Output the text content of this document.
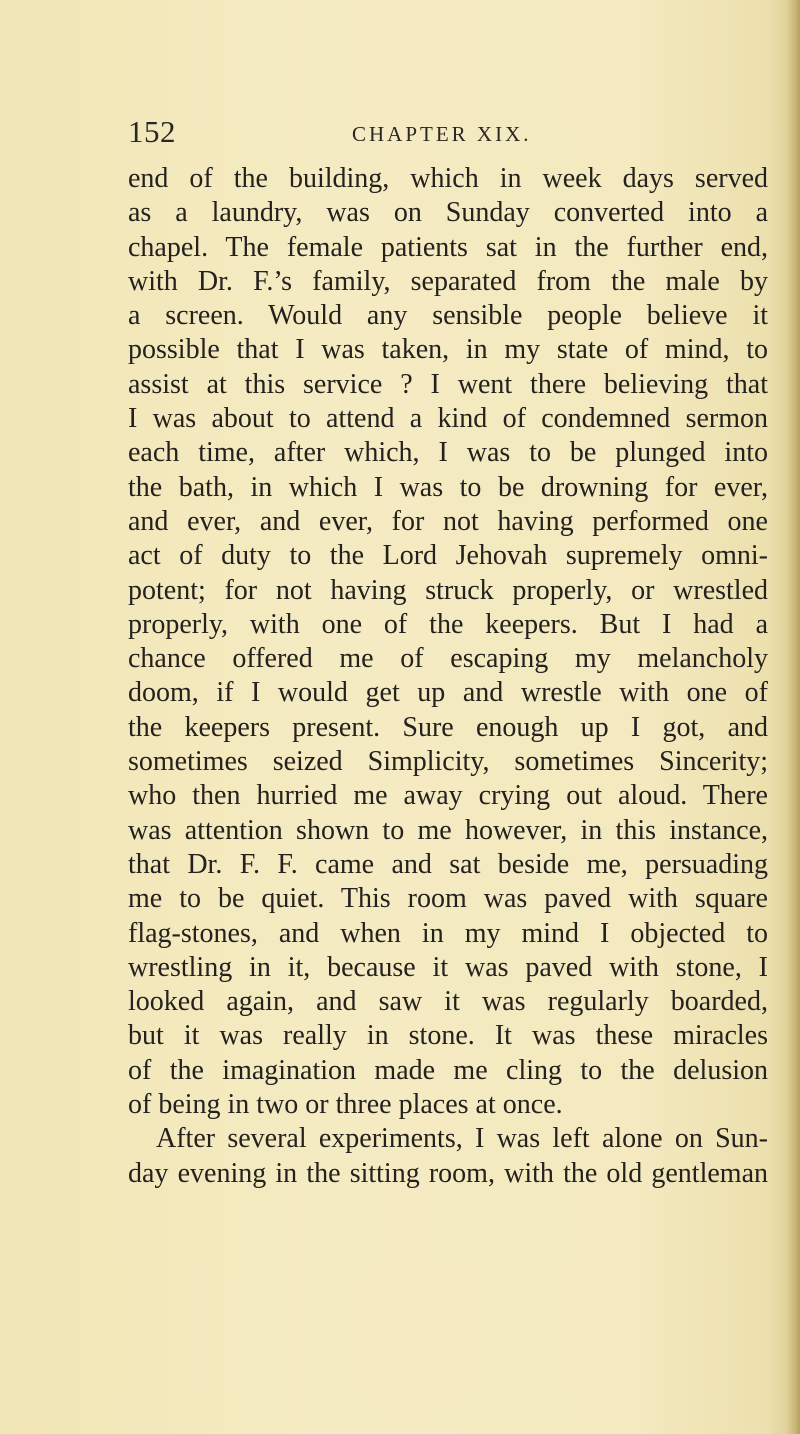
152	CHAPTER XIX.
end of the building, which in week days served
as a laundry, was on Sunday converted into a
chapel. The female patients sat in the further end,
with Dr. F.’s family, separated from the male by
a screen. Would any sensible people believe it
possible that I was taken, in my state of mind, to
assist at this service ? I went there believing that
I was about to attend a kind of condemned sermon
each time, after which, I was to be plunged into
the bath, in which I was to be drowning for ever,
and ever, and ever, for not having performed one
act of duty to the Lord Jehovah supremely omni-
potent; for not having struck properly, or wrestled
properly, with one of the keepers. But I had a
chance offered me of escaping my melancholy
doom, if I would get up and wrestle with one of
the keepers present. Sure enough up I got, and
sometimes seized Simplicity, sometimes Sincerity;
who then hurried me away crying out aloud. There
was attention shown to me however, in this instance,
that Dr. F. F. came and sat beside me, persuading
me to be quiet. This room was paved with square
flag-stones, and when in my mind I objected to
wrestling in it, because it was paved with stone, I
looked again, and saw it was regularly boarded,
but it was really in stone. It was these miracles
of the imagination made me cling to the delusion
of being in two or three places at once.
After several experiments, I was left alone on Sun-
day evening in the sitting room, with the old gentleman
